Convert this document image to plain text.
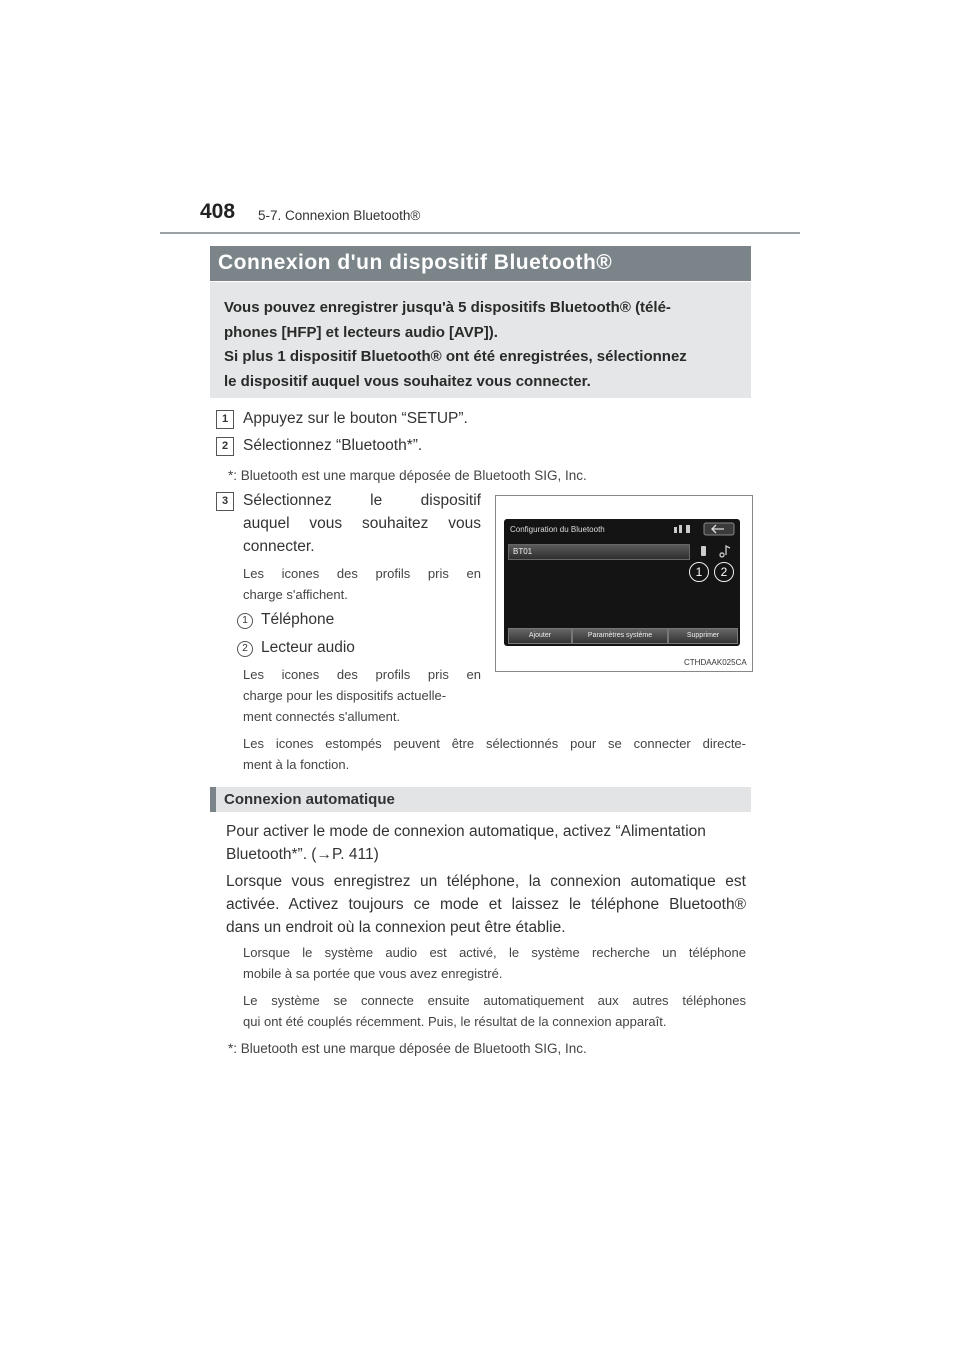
408 5-7. Connexion Bluetooth®
Connexion d'un dispositif Bluetooth®
Vous pouvez enregistrer jusqu'à 5 dispositifs Bluetooth® (télé-
phones [HFP] et lecteurs audio [AVP]).
Si plus 1 dispositif Bluetooth® ont été enregistrées, sélectionnez
le dispositif auquel vous souhaitez vous connecter.
1 Appuyez sur le bouton “SETUP”.
2 Sélectionnez “Bluetooth*”.
*: Bluetooth est une marque déposée de Bluetooth SIG, Inc.
3 Sélectionnez le dispositif
auquel vous souhaitez vous
connecter.
Les icones des profils pris en
charge s'affichent.
1 Téléphone
2 Lecteur audio
Les icones des profils pris en
charge pour les dispositifs actuelle-
ment connectés s'allument.
Les icones estompés peuvent être sélectionnés pour se connecter directe-
ment à la fonction.
Configuration du Bluetooth
BT01
1	2
Ajouter	Paramètres système	Supprimer
CTHDAAK025CA
Connexion automatique
Pour activer le mode de connexion automatique, activez “Alimentation
Bluetooth*”. (→P. 411)
Lorsque vous enregistrez un téléphone, la connexion automatique est
activée. Activez toujours ce mode et laissez le téléphone Bluetooth®
dans un endroit où la connexion peut être établie.
Lorsque le système audio est activé, le système recherche un téléphone
mobile à sa portée que vous avez enregistré.
Le système se connecte ensuite automatiquement aux autres téléphones
qui ont été couplés récemment. Puis, le résultat de la connexion apparaît.
*: Bluetooth est une marque déposée de Bluetooth SIG, Inc.
